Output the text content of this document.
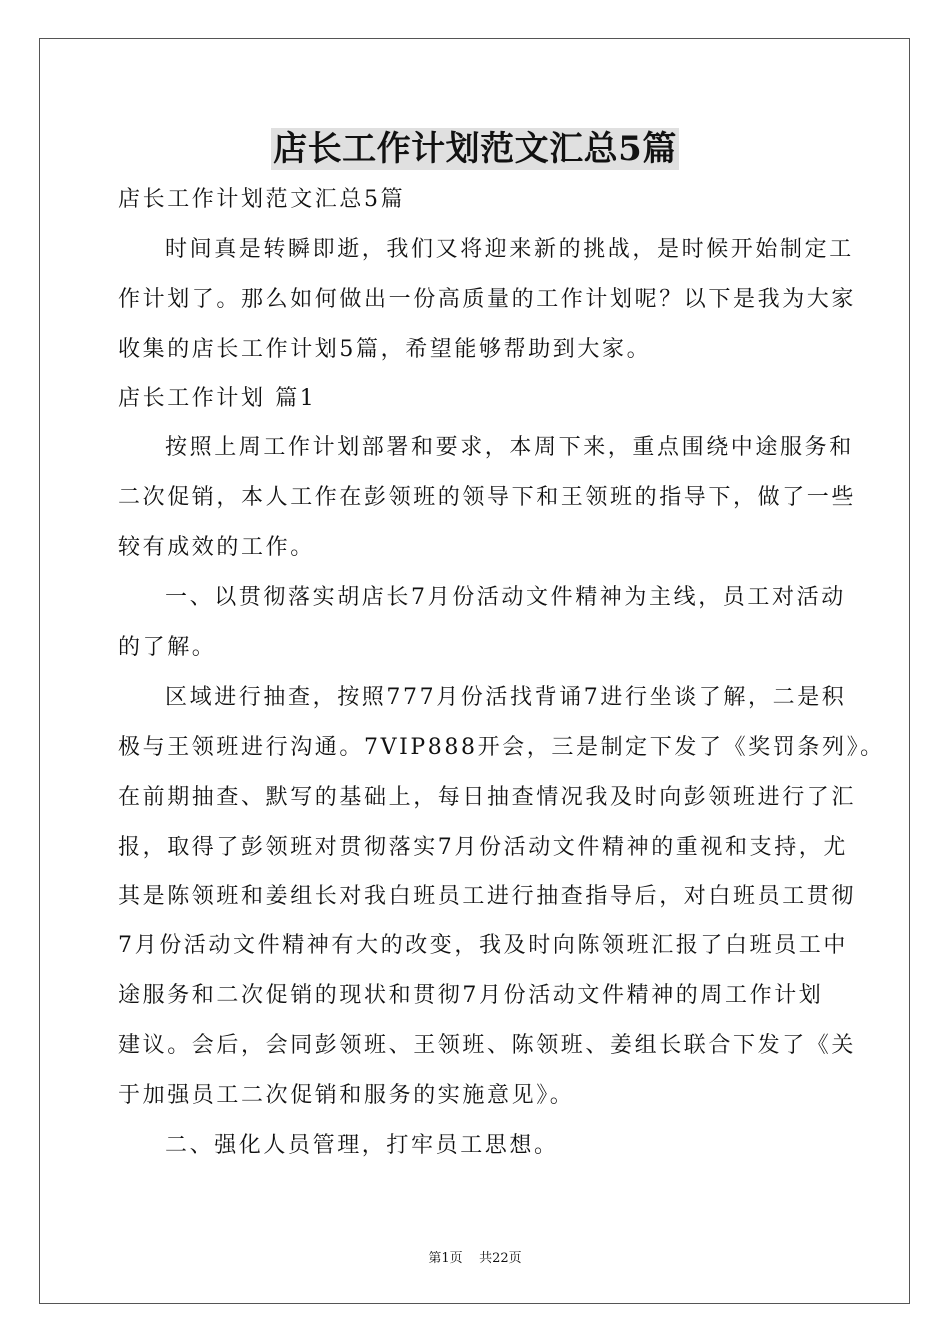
店长工作计划范文汇总5篇
店长工作计划范文汇总5篇
时间真是转瞬即逝，我们又将迎来新的挑战，是时候开始制定工
作计划了。那么如何做出一份高质量的工作计划呢？以下是我为大家
收集的店长工作计划5篇，希望能够帮助到大家。
店长工作计划 篇1
按照上周工作计划部署和要求，本周下来，重点围绕中途服务和
二次促销，本人工作在彭领班的领导下和王领班的指导下，做了一些
较有成效的工作。
一、以贯彻落实胡店长7月份活动文件精神为主线，员工对活动
的了解。
区域进行抽查，按照777月份活找背诵7进行坐谈了解，二是积
极与王领班进行沟通。7VIP888开会，三是制定下发了《奖罚条列》。
在前期抽查、默写的基础上，每日抽查情况我及时向彭领班进行了汇
报，取得了彭领班对贯彻落实7月份活动文件精神的重视和支持，尤
其是陈领班和姜组长对我白班员工进行抽查指导后，对白班员工贯彻
7月份活动文件精神有大的改变，我及时向陈领班汇报了白班员工中
途服务和二次促销的现状和贯彻7月份活动文件精神的周工作计划
建议。会后，会同彭领班、王领班、陈领班、姜组长联合下发了《关
于加强员工二次促销和服务的实施意见》。
二、强化人员管理，打牢员工思想。
第1页    共22页
